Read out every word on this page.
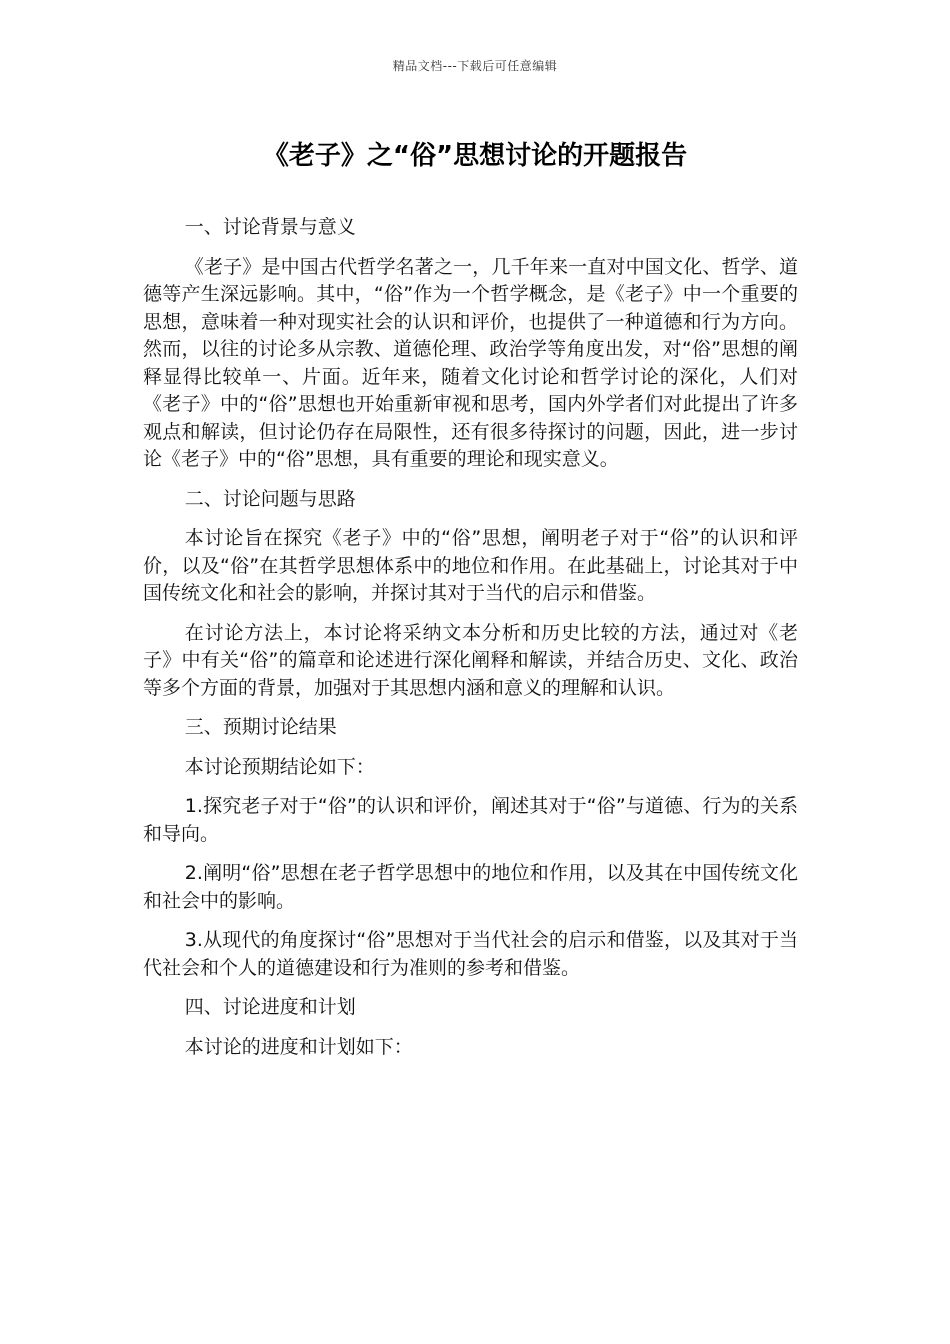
精品文档---下载后可任意编辑
《老子》之“俗”思想讨论的开题报告

一、讨论背景与意义

《老子》是中国古代哲学名著之一，几千年来一直对中国文化、哲学、道德等产生深远影响。其中，“俗”作为一个哲学概念，是《老子》中一个重要的思想，意味着一种对现实社会的认识和评价，也提供了一种道德和行为方向。然而，以往的讨论多从宗教、道德伦理、政治学等角度出发，对“俗”思想的阐释显得比较单一、片面。近年来，随着文化讨论和哲学讨论的深化，人们对《老子》中的“俗”思想也开始重新审视和思考，国内外学者们对此提出了许多观点和解读，但讨论仍存在局限性，还有很多待探讨的问题，因此，进一步讨论《老子》中的“俗”思想，具有重要的理论和现实意义。

二、讨论问题与思路

本讨论旨在探究《老子》中的“俗”思想，阐明老子对于“俗”的认识和评价，以及“俗”在其哲学思想体系中的地位和作用。在此基础上，讨论其对于中国传统文化和社会的影响，并探讨其对于当代的启示和借鉴。

在讨论方法上，本讨论将采纳文本分析和历史比较的方法，通过对《老子》中有关“俗”的篇章和论述进行深化阐释和解读，并结合历史、文化、政治等多个方面的背景，加强对于其思想内涵和意义的理解和认识。

三、预期讨论结果

本讨论预期结论如下：

1.探究老子对于“俗”的认识和评价，阐述其对于“俗”与道德、行为的关系和导向。

2.阐明“俗”思想在老子哲学思想中的地位和作用，以及其在中国传统文化和社会中的影响。

3.从现代的角度探讨“俗”思想对于当代社会的启示和借鉴，以及其对于当代社会和个人的道德建设和行为准则的参考和借鉴。

四、讨论进度和计划

本讨论的进度和计划如下：
